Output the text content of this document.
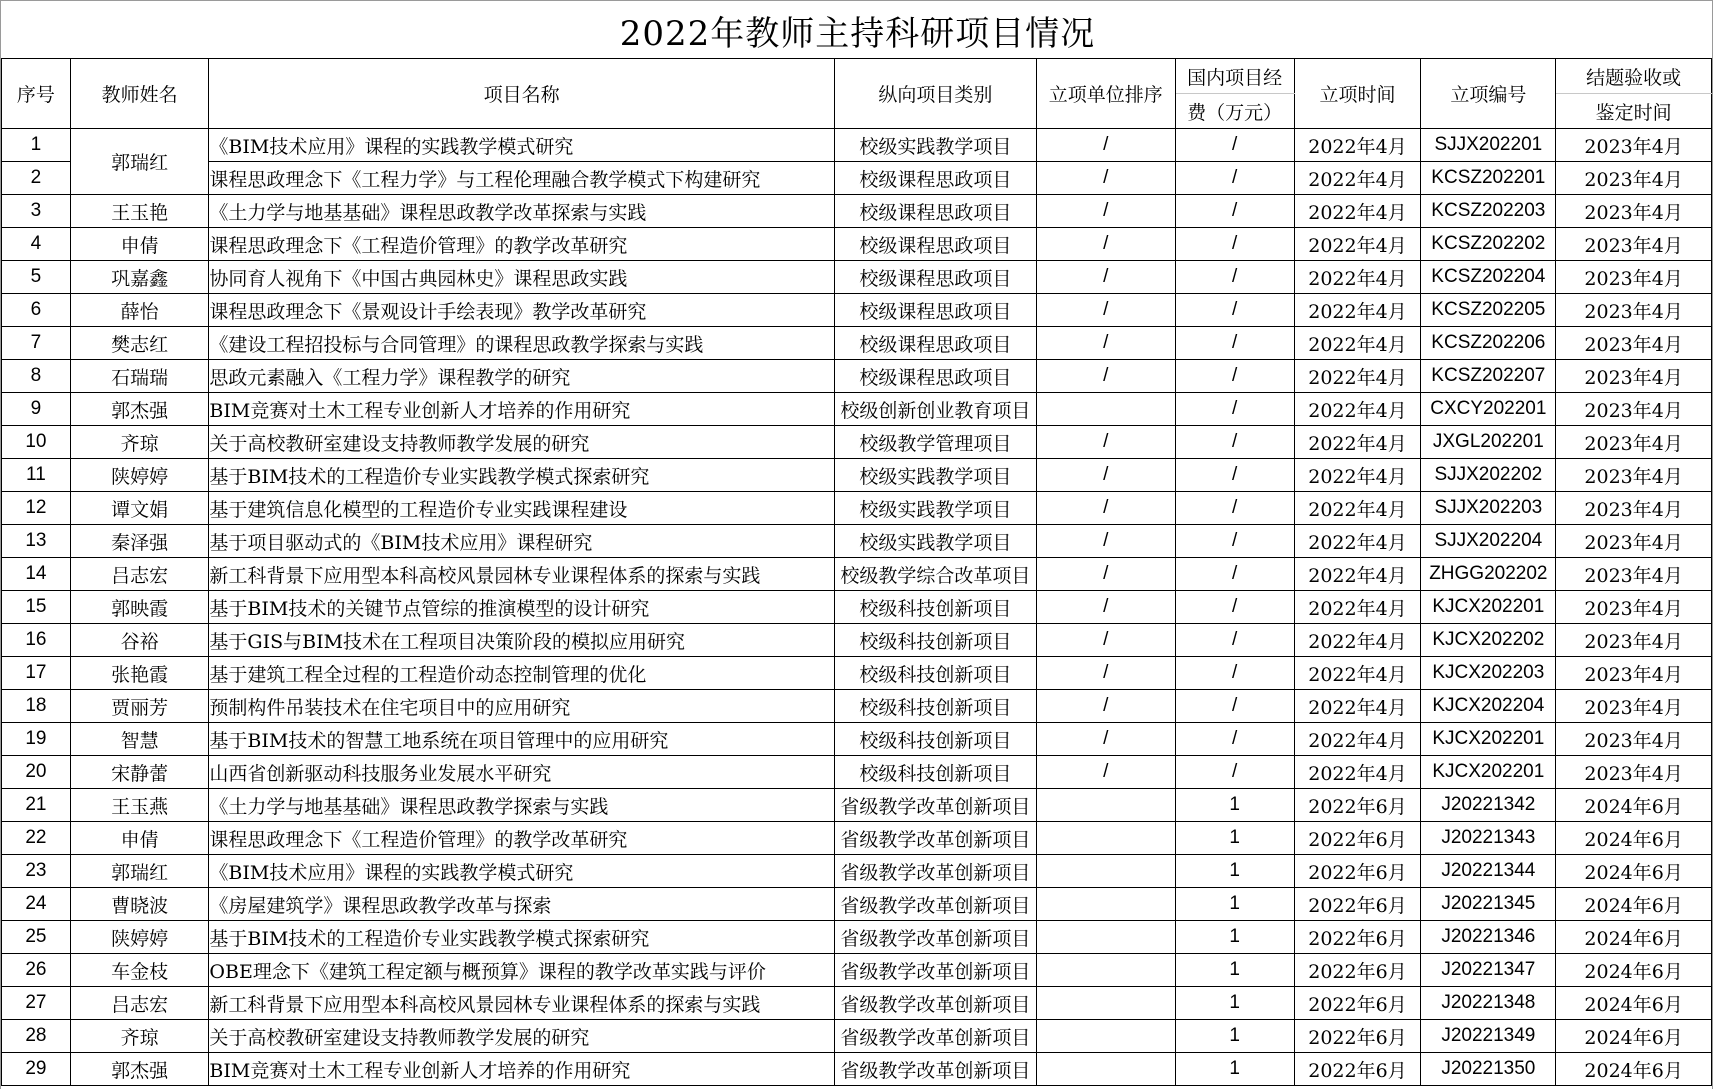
2022年教师主持科研项目情况
序号	教师姓名	项目名称	纵向项目类别	立项单位排序	国内项目经	立项时间	立项编号	结题验收或
					费（万元）			鉴定时间
1	郭瑞红	《BIM技术应用》课程的实践教学模式研究	校级实践教学项目	/	/	2022年4月	SJJX202201	2023年4月
2		课程思政理念下《工程力学》与工程伦理融合教学模式下构建研究	校级课程思政项目	/	/	2022年4月	KCSZ202201	2023年4月
3	王玉艳	《土力学与地基基础》课程思政教学改革探索与实践	校级课程思政项目	/	/	2022年4月	KCSZ202203	2023年4月
4	申倩	课程思政理念下《工程造价管理》的教学改革研究	校级课程思政项目	/	/	2022年4月	KCSZ202202	2023年4月
5	巩嘉鑫	协同育人视角下《中国古典园林史》课程思政实践	校级课程思政项目	/	/	2022年4月	KCSZ202204	2023年4月
6	薛怡	课程思政理念下《景观设计手绘表现》教学改革研究	校级课程思政项目	/	/	2022年4月	KCSZ202205	2023年4月
7	樊志红	《建设工程招投标与合同管理》的课程思政教学探索与实践	校级课程思政项目	/	/	2022年4月	KCSZ202206	2023年4月
8	石瑞瑞	思政元素融入《工程力学》课程教学的研究	校级课程思政项目	/	/	2022年4月	KCSZ202207	2023年4月
9	郭杰强	BIM竞赛对土木工程专业创新人才培养的作用研究	校级创新创业教育项目		/	2022年4月	CXCY202201	2023年4月
10	齐琼	关于高校教研室建设支持教师教学发展的研究	校级教学管理项目	/	/	2022年4月	JXGL202201	2023年4月
11	陕婷婷	基于BIM技术的工程造价专业实践教学模式探索研究	校级实践教学项目	/	/	2022年4月	SJJX202202	2023年4月
12	谭文娟	基于建筑信息化模型的工程造价专业实践课程建设	校级实践教学项目	/	/	2022年4月	SJJX202203	2023年4月
13	秦泽强	基于项目驱动式的《BIM技术应用》课程研究	校级实践教学项目	/	/	2022年4月	SJJX202204	2023年4月
14	吕志宏	新工科背景下应用型本科高校风景园林专业课程体系的探索与实践	校级教学综合改革项目	/	/	2022年4月	ZHGG202202	2023年4月
15	郭映霞	基于BIM技术的关键节点管综的推演模型的设计研究	校级科技创新项目	/	/	2022年4月	KJCX202201	2023年4月
16	谷裕	基于GIS与BIM技术在工程项目决策阶段的模拟应用研究	校级科技创新项目	/	/	2022年4月	KJCX202202	2023年4月
17	张艳霞	基于建筑工程全过程的工程造价动态控制管理的优化	校级科技创新项目	/	/	2022年4月	KJCX202203	2023年4月
18	贾丽芳	预制构件吊装技术在住宅项目中的应用研究	校级科技创新项目	/	/	2022年4月	KJCX202204	2023年4月
19	智慧	基于BIM技术的智慧工地系统在项目管理中的应用研究	校级科技创新项目	/	/	2022年4月	KJCX202201	2023年4月
20	宋静蕾	山西省创新驱动科技服务业发展水平研究	校级科技创新项目	/	/	2022年4月	KJCX202201	2023年4月
21	王玉燕	《土力学与地基基础》课程思政教学探索与实践	省级教学改革创新项目		1	2022年6月	J20221342	2024年6月
22	申倩	课程思政理念下《工程造价管理》的教学改革研究	省级教学改革创新项目		1	2022年6月	J20221343	2024年6月
23	郭瑞红	《BIM技术应用》课程的实践教学模式研究	省级教学改革创新项目		1	2022年6月	J20221344	2024年6月
24	曹晓波	《房屋建筑学》课程思政教学改革与探索	省级教学改革创新项目		1	2022年6月	J20221345	2024年6月
25	陕婷婷	基于BIM技术的工程造价专业实践教学模式探索研究	省级教学改革创新项目		1	2022年6月	J20221346	2024年6月
26	车金枝	OBE理念下《建筑工程定额与概预算》课程的教学改革实践与评价	省级教学改革创新项目		1	2022年6月	J20221347	2024年6月
27	吕志宏	新工科背景下应用型本科高校风景园林专业课程体系的探索与实践	省级教学改革创新项目		1	2022年6月	J20221348	2024年6月
28	齐琼	关于高校教研室建设支持教师教学发展的研究	省级教学改革创新项目		1	2022年6月	J20221349	2024年6月
29	郭杰强	BIM竞赛对土木工程专业创新人才培养的作用研究	省级教学改革创新项目		1	2022年6月	J20221350	2024年6月
